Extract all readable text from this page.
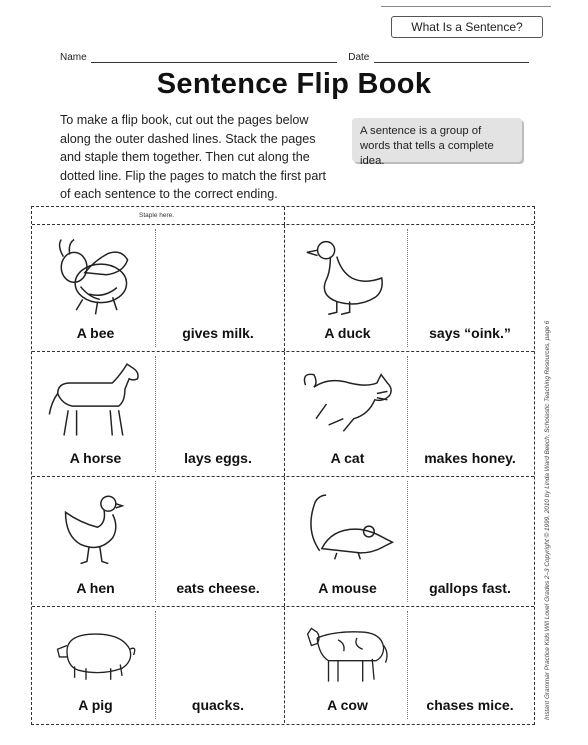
What Is a Sentence?
Name	Date
Sentence Flip Book
To make a flip book, cut out the pages below along the outer dashed lines. Stack the pages and staple them together. Then cut along the dotted line. Flip the pages to match the first part of each sentence to the correct ending.
A sentence is a group of words that tells a complete idea.
Staple here.
A bee	gives milk.	A duck	says “oink.”
A horse	lays eggs.	A cat	makes honey.
A hen	eats cheese.	A mouse	gallops fast.
A pig	quacks.	A cow	chases mice.	Instant Grammar Practice Kids Will Love! Grades 2–3 Copyright © 1999, 2010 by Linda Ward Beech, Scholastic Teaching Resources, page 6
